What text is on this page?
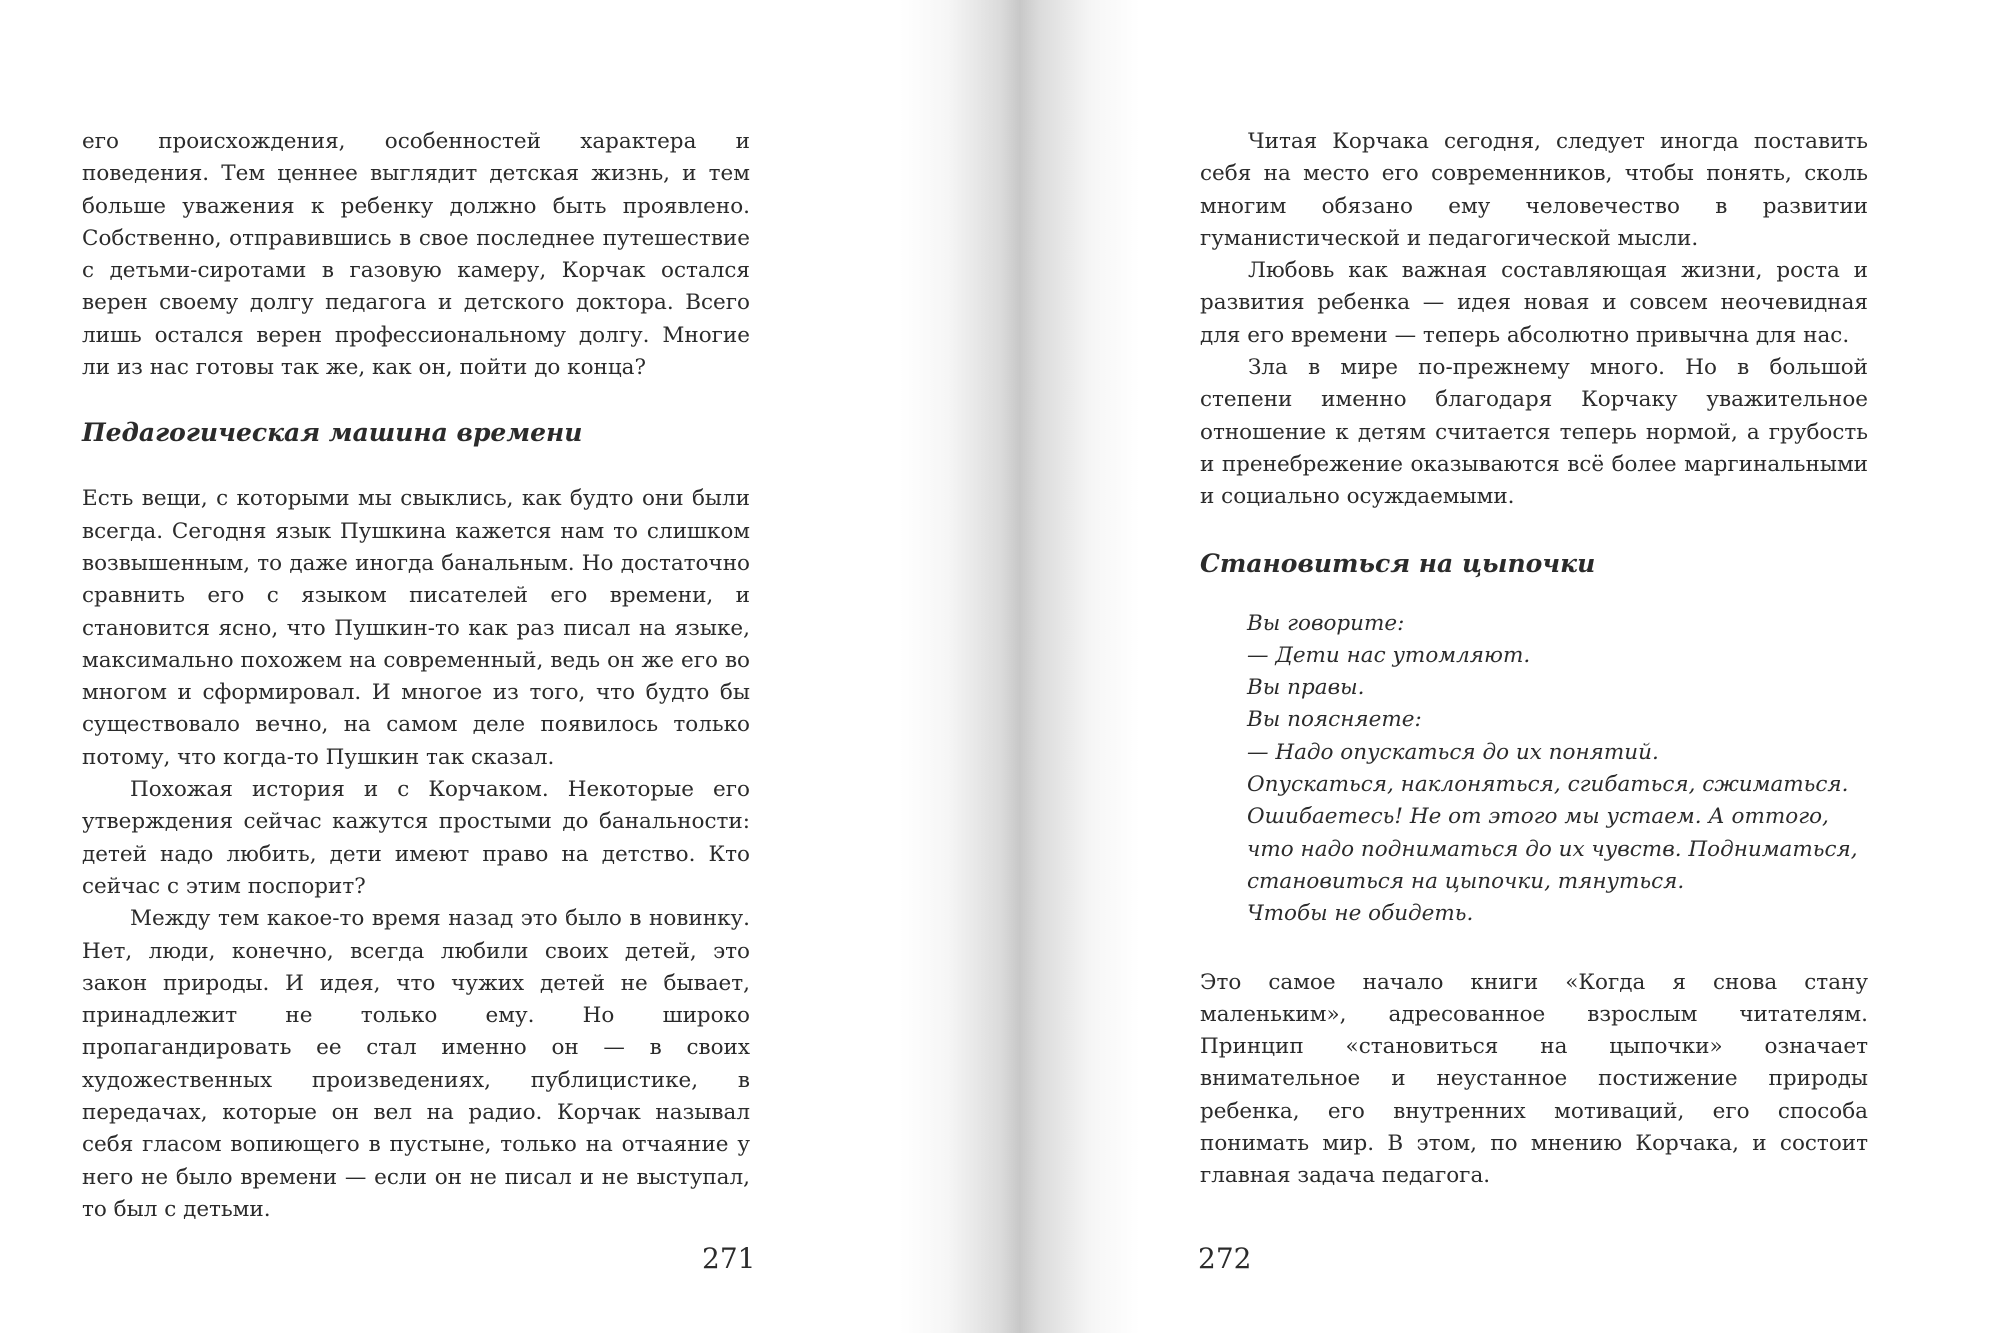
его происхождения, особенностей характера и поведения. Тем ценнее выглядит детская жизнь, и тем больше уважения к ребенку должно быть проявлено. Собственно, отправившись в свое последнее путешествие с детьми-сиротами в газовую камеру, Корчак остался верен своему долгу педагога и детского доктора. Всего лишь остался верен профессиональному долгу. Многие ли из нас готовы так же, как он, пойти до конца?

Педагогическая машина времени

Есть вещи, с которыми мы свыклись, как будто они были всегда. Сегодня язык Пушкина кажется нам то слишком возвышенным, то даже иногда банальным. Но достаточно сравнить его с языком писателей его времени, и становится ясно, что Пушкин-то как раз писал на языке, максимально похожем на современный, ведь он же его во многом и сформировал. И многое из того, что будто бы существовало вечно, на самом деле появилось только потому, что когда-то Пушкин так сказал.

Похожая история и с Корчаком. Некоторые его утверждения сейчас кажутся простыми до банальности: детей надо любить, дети имеют право на детство. Кто сейчас с этим поспорит?

Между тем какое-то время назад это было в новинку. Нет, люди, конечно, всегда любили своих детей, это закон природы. И идея, что чужих детей не бывает, принадлежит не только ему. Но широко пропагандировать ее стал именно он — в своих художественных произведениях, публицистике, в передачах, которые он вел на радио. Корчак называл себя гласом вопиющего в пустыне, только на отчаяние у него не было времени — если он не писал и не выступал, то был с детьми.

Читая Корчака сегодня, следует иногда поставить себя на место его современников, чтобы понять, сколь многим обязано ему человечество в развитии гуманистической и педагогической мысли.

Любовь как важная составляющая жизни, роста и развития ребенка — идея новая и совсем неочевидная для его времени — теперь абсолютно привычна для нас.

Зла в мире по-прежнему много. Но в большой степени именно благодаря Корчаку уважительное отношение к детям считается теперь нормой, а грубость и пренебрежение оказываются всё более маргинальными и социально осуждаемыми.

Становиться на цыпочки
Вы говорите:
— Дети нас утомляют.
Вы правы.
Вы поясняете:
— Надо опускаться до их понятий.
Опускаться, наклоняться, сгибаться, сжиматься.
Ошибаетесь! Не от этого мы устаем. А оттого, что надо подниматься до их чувств. Подниматься, становиться на цыпочки, тянуться.
Чтобы не обидеть.

Это самое начало книги «Когда я снова стану маленьким», адресованное взрослым читателям. Принцип «становиться на цыпочки» означает внимательное и неустанное постижение природы ребенка, его внутренних мотиваций, его способа понимать мир. В этом, по мнению Корчака, и состоит главная задача педагога.

271	272
